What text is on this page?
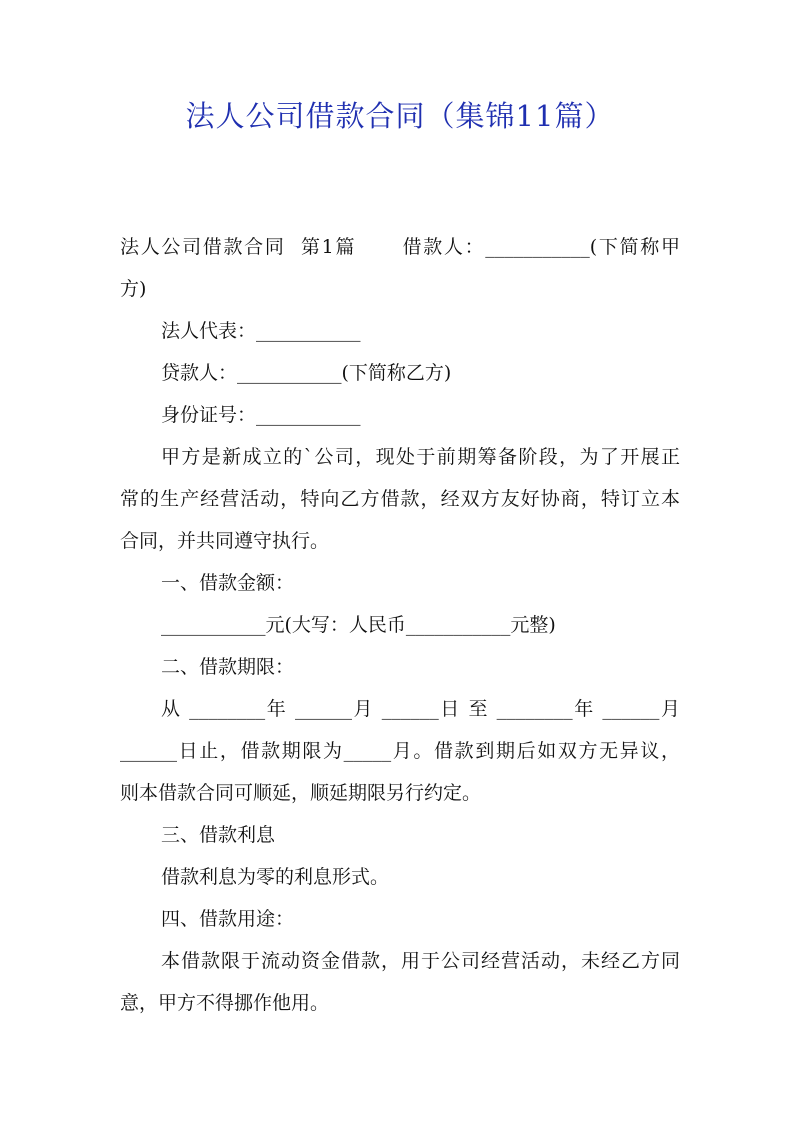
法人公司借款合同（集锦11篇）
法人公司借款合同  第1篇      借款人：___________(下简称甲
方)
法人代表：___________
贷款人：___________(下简称乙方)
身份证号：___________
甲方是新成立的`公司，现处于前期筹备阶段，为了开展正
常的生产经营活动，特向乙方借款，经双方友好协商，特订立本
合同，并共同遵守执行。
一、借款金额：
___________元(大写：人民币___________元整)
二、借款期限：
从 ________年 ______月 ______日 至 ________年 ______月
______日止，借款期限为_____月。借款到期后如双方无异议，
则本借款合同可顺延，顺延期限另行约定。
三、借款利息
借款利息为零的利息形式。
四、借款用途：
本借款限于流动资金借款，用于公司经营活动，未经乙方同
意，甲方不得挪作他用。
